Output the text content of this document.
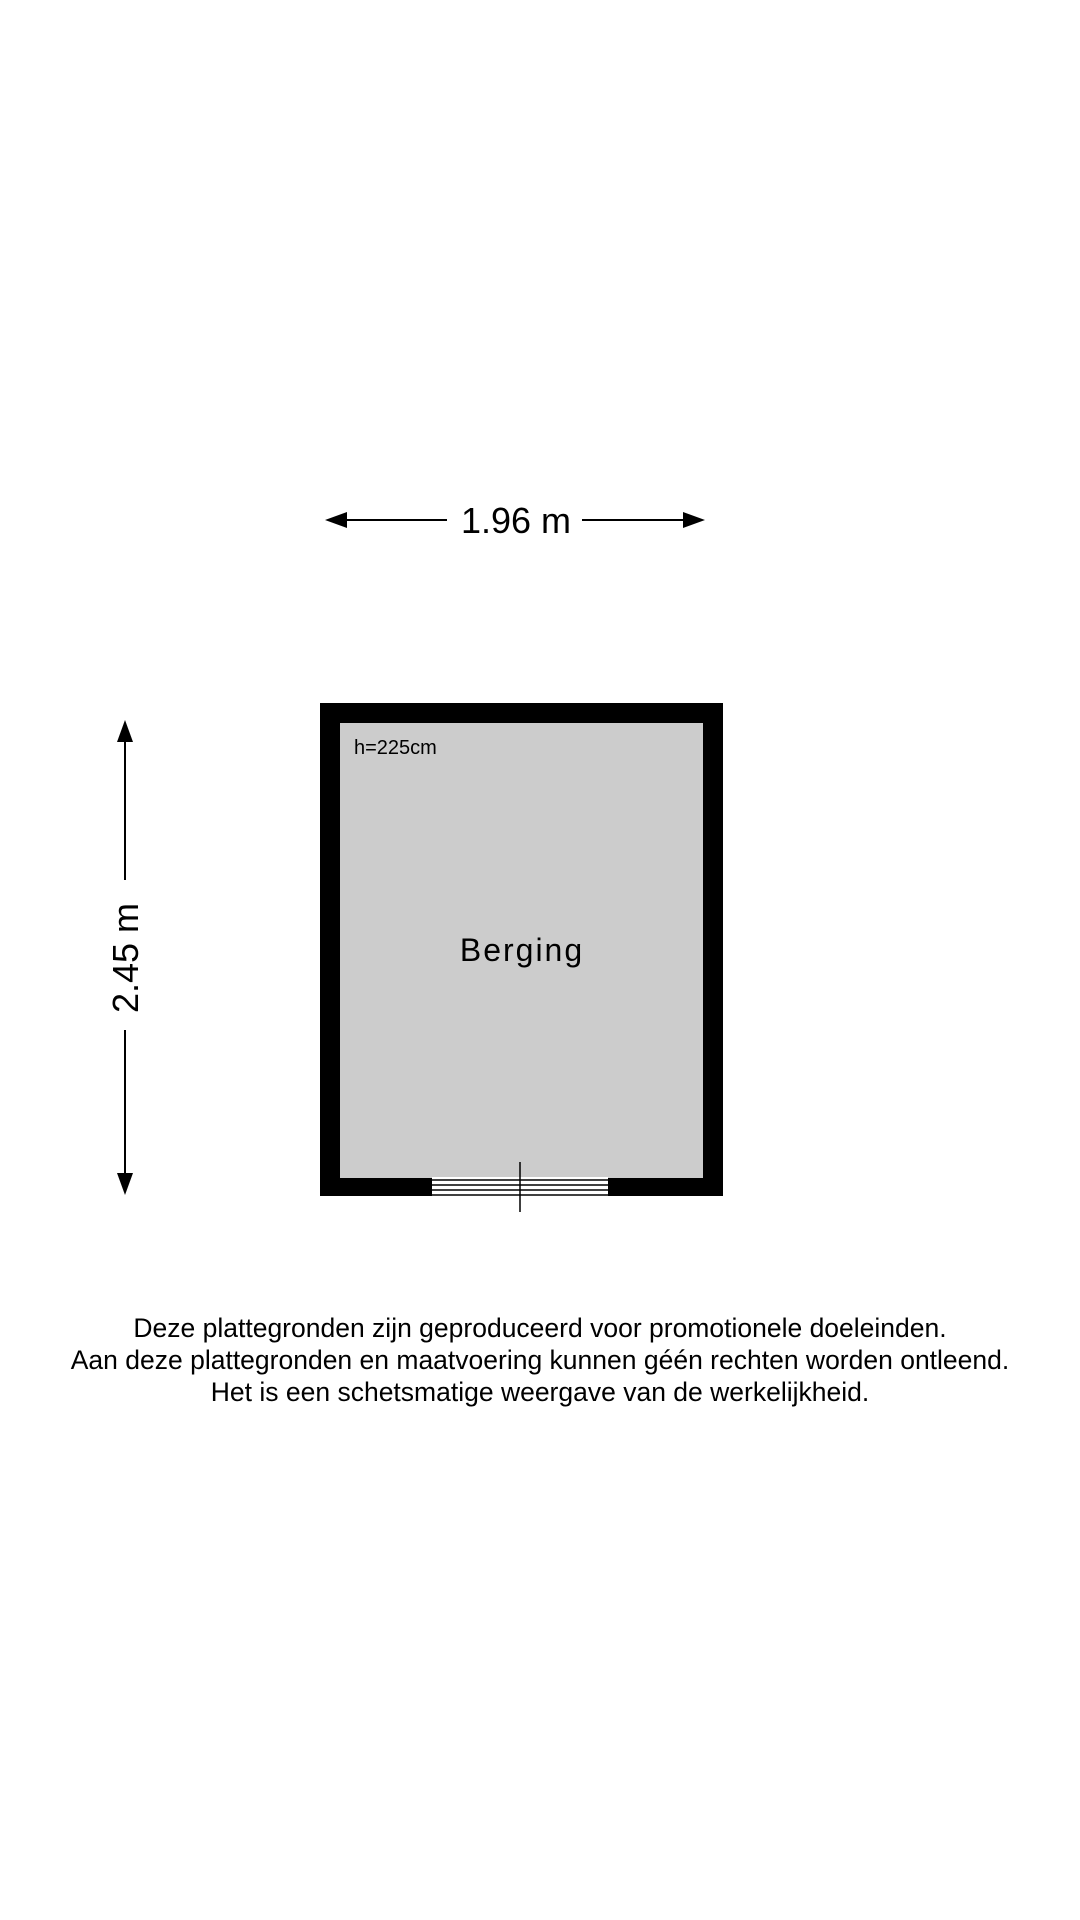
1.96 m
2.45 m
h=225cm
Berging
Deze plattegronden zijn geproduceerd voor promotionele doeleinden.
Aan deze plattegronden en maatvoering kunnen géén rechten worden ontleend.
Het is een schetsmatige weergave van de werkelijkheid.
